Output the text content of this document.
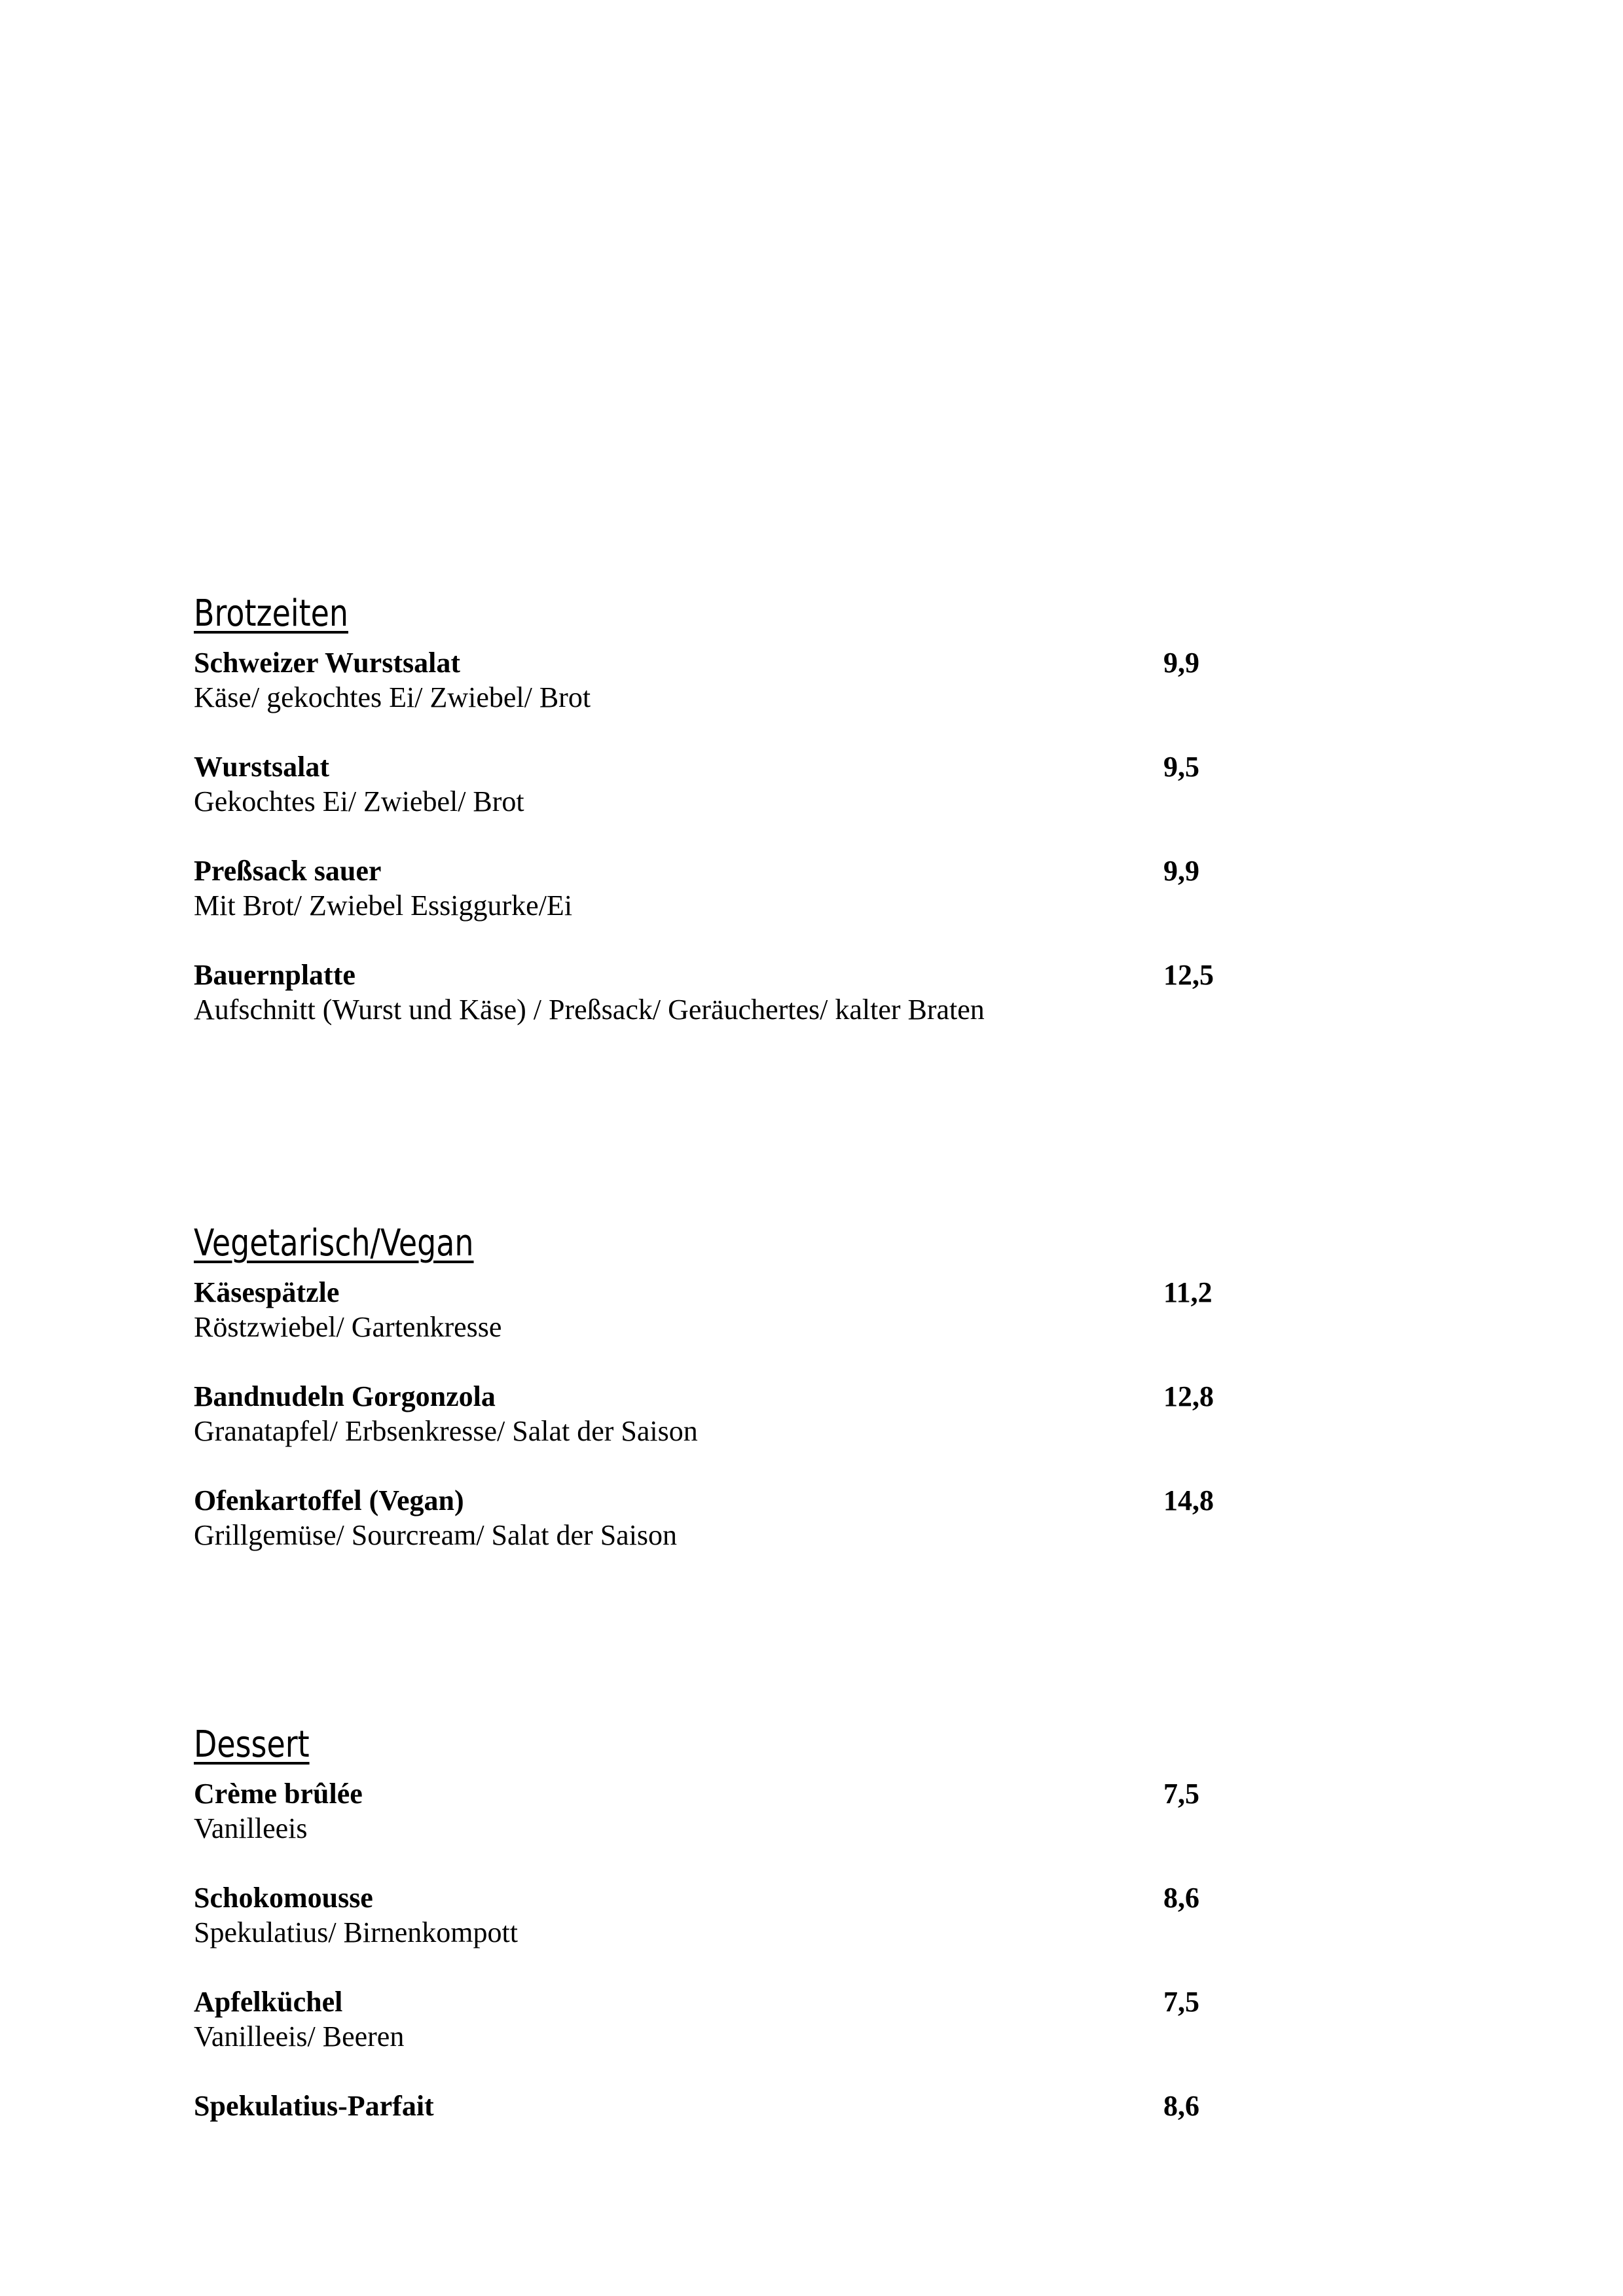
Brotzeiten
Schweizer Wurstsalat	9,9
Käse/ gekochtes Ei/ Zwiebel/ Brot
Wurstsalat	9,5
Gekochtes Ei/ Zwiebel/ Brot
Preßsack sauer	9,9
Mit Brot/ Zwiebel Essiggurke/Ei
Bauernplatte	12,5
Aufschnitt (Wurst und Käse) / Preßsack/ Geräuchertes/ kalter Braten
Vegetarisch/Vegan
Käsespätzle	11,2
Röstzwiebel/ Gartenkresse
Bandnudeln Gorgonzola	12,8
Granatapfel/ Erbsenkresse/ Salat der Saison
Ofenkartoffel (Vegan)	14,8
Grillgemüse/ Sourcream/ Salat der Saison
Dessert
Crème brûlée	7,5
Vanilleeis
Schokomousse	8,6
Spekulatius/ Birnenkompott
Apfelküchel	7,5
Vanilleeis/ Beeren
Spekulatius-Parfait	8,6
